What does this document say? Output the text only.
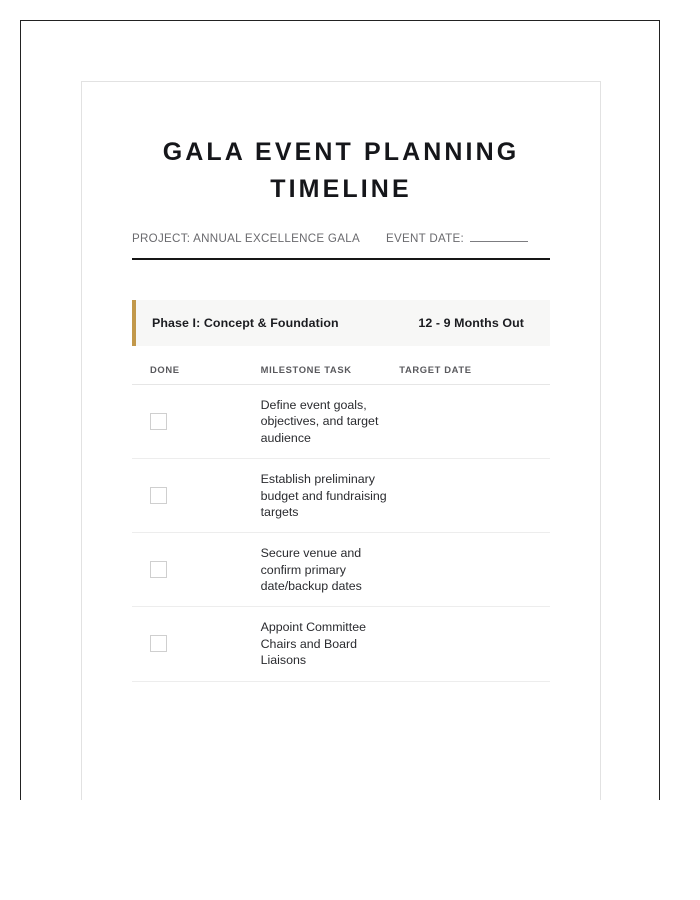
GALA EVENT PLANNING TIMELINE
PROJECT: ANNUAL EXCELLENCE GALA EVENT DATE:
Phase I: Concept & Foundation	12 - 9 Months Out
DONE	MILESTONE TASK	TARGET DATE

	Define event goals, objectives, and target audience	

	Establish preliminary budget and fundraising targets	

	Secure venue and confirm primary date/backup dates	

	Appoint Committee Chairs and Board Liaisons	
